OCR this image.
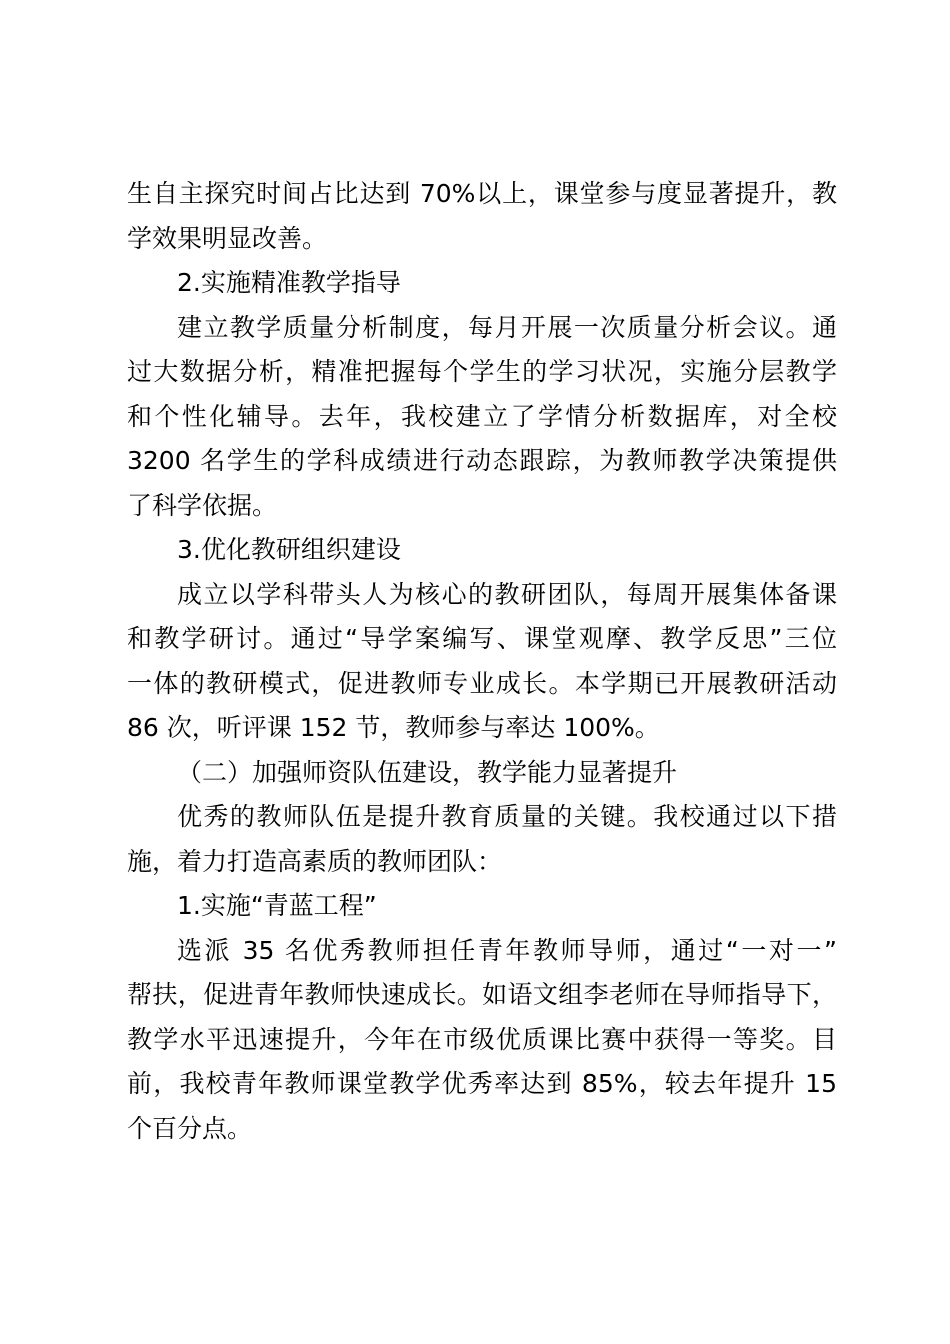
生自主探究时间占比达到 70%以上，课堂参与度显著提升，教
学效果明显改善。
2.实施精准教学指导
建立教学质量分析制度，每月开展一次质量分析会议。通
过大数据分析，精准把握每个学生的学习状况，实施分层教学
和个性化辅导。去年，我校建立了学情分析数据库，对全校
3200 名学生的学科成绩进行动态跟踪，为教师教学决策提供
了科学依据。
3.优化教研组织建设
成立以学科带头人为核心的教研团队，每周开展集体备课
和教学研讨。通过“导学案编写、课堂观摩、教学反思”三位
一体的教研模式，促进教师专业成长。本学期已开展教研活动
86 次，听评课 152 节，教师参与率达 100%。
（二）加强师资队伍建设，教学能力显著提升
优秀的教师队伍是提升教育质量的关键。我校通过以下措
施，着力打造高素质的教师团队：
1.实施“青蓝工程”
选派 35 名优秀教师担任青年教师导师，通过“一对一”
帮扶，促进青年教师快速成长。如语文组李老师在导师指导下，
教学水平迅速提升，今年在市级优质课比赛中获得一等奖。目
前，我校青年教师课堂教学优秀率达到 85%，较去年提升 15
个百分点。
